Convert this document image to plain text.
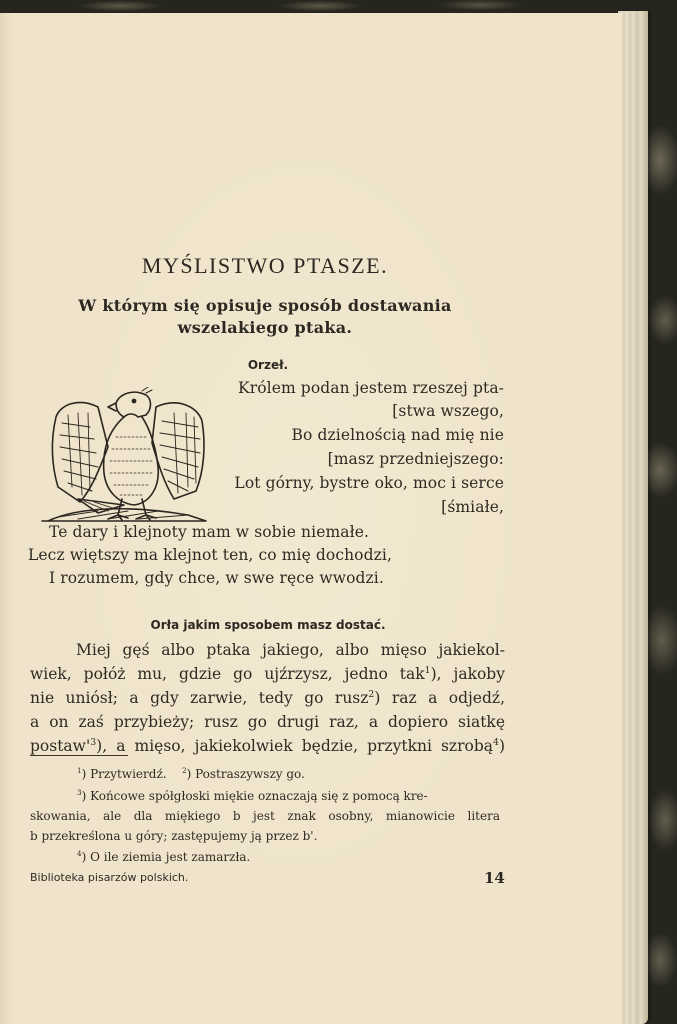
MYŚLISTWO PTASZE.
W którym się opisuje sposób dostawania
wszelakiego ptaka.
Orzeł.
Królem podan jestem rzeszej pta-
[stwa wszego,
Bo dzielnością nad mię nie
[masz przedniejszego:
Lot górny, bystre oko, moc i serce
[śmiałe,
Te dary i klejnoty mam w sobie niemałe.
Lecz więtszy ma klejnot ten, co mię dochodzi,
I rozumem, gdy chce, w swe ręce wwodzi.
Orła jakim sposobem masz dostać.
Miej gęś albo ptaka jakiego, albo mięso jakiekol-
wiek, połóż mu, gdzie go ujźrzysz, jedno tak$^1$), jakoby
nie uniósł; a gdy zarwie, tedy go rusz$^2$) raz a odjedź,
a on zaś przybieży; rusz go drugi raz, a dopiero siatkę
$postaw'^3$), a mięso, jakiekolwiek będzie, przytkni szrobą$^4$)
$^1$) Przytwierdź. $^2$) Postraszywszy go.
$^3$) Końcowe spółgłoski miękie oznaczają się z pomocą kre-
skowania, ale dla miękiego b jest znak osobny, mianowicie litera
b przekreślona u góry; zastępujemy ją przez b'.
$^4$) O ile ziemia jest zamarzła.
Biblioteka pisarzów polskich.	14
